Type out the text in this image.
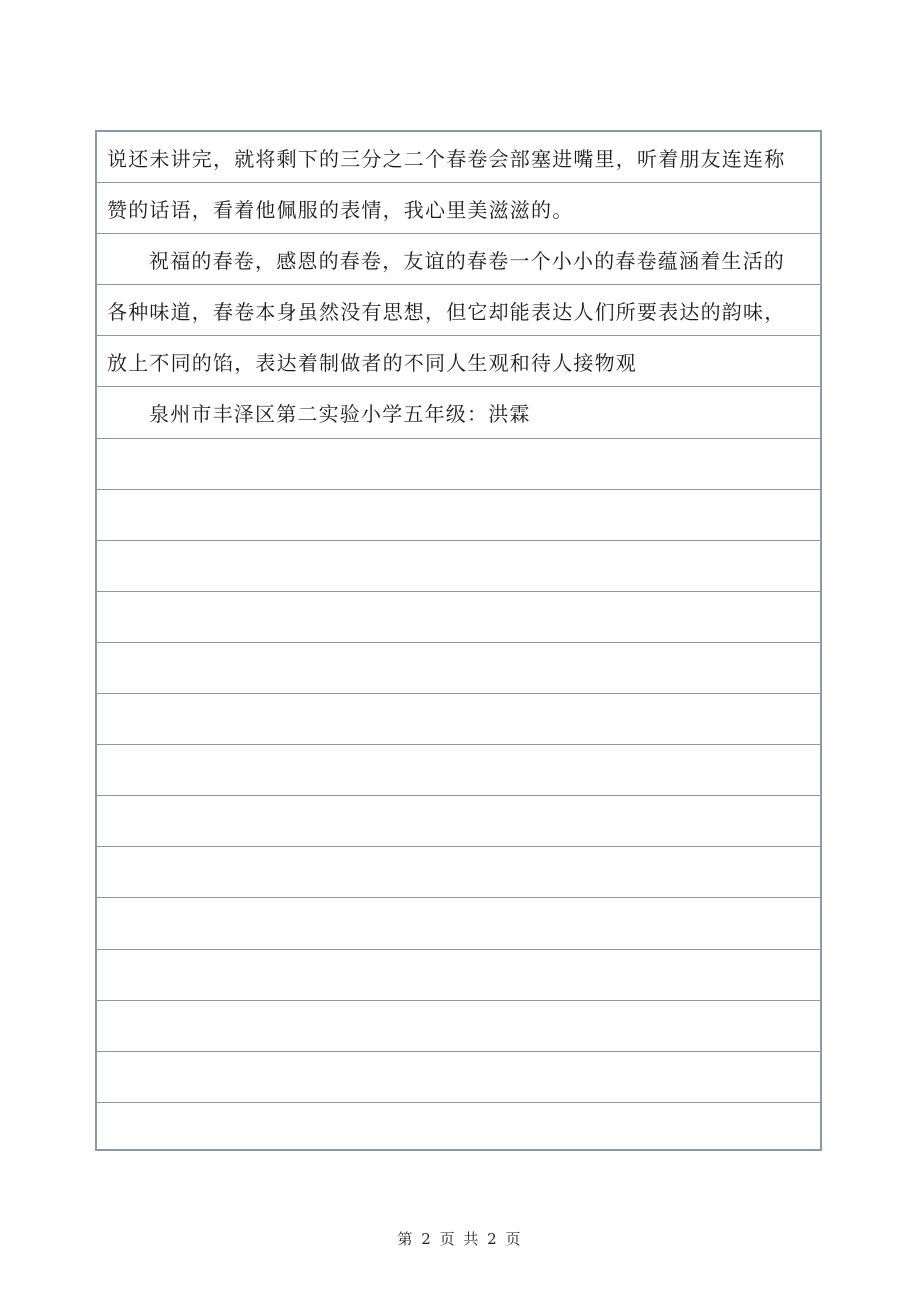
说还未讲完，就将剩下的三分之二个春卷会部塞进嘴里，听着朋友连连称
赞的话语，看着他佩服的表情，我心里美滋滋的。
祝福的春卷，感恩的春卷，友谊的春卷一个小小的春卷蕴涵着生活的
各种味道，春卷本身虽然没有思想，但它却能表达人们所要表达的韵味，
放上不同的馅，表达着制做者的不同人生观和待人接物观
泉州市丰泽区第二实验小学五年级：洪霖
第 2 页 共 2 页
